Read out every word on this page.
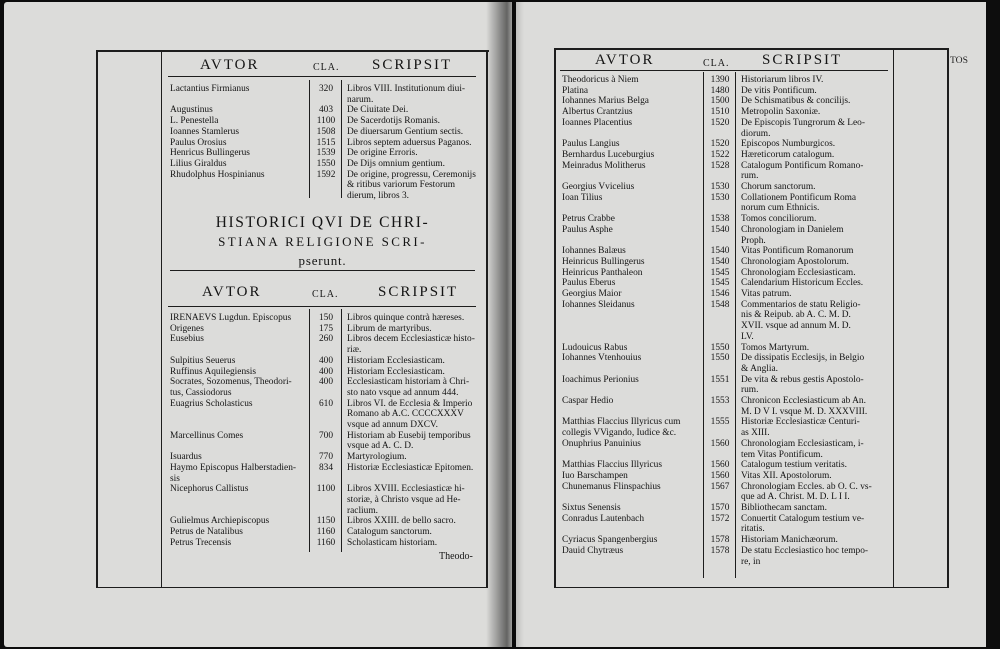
AVTOR	CLA. SCRIPSIT
Lactantius Firmianus	320	Libros VIII. Institutionum diui-
narum.
Augustinus	403	De Ciuitate Dei.
L. Penestella	1100	De Sacerdotijs Romanis.
Ioannes Stamlerus	1508	De diuersarum Gentium sectis.
Paulus Orosius	1515	Libros septem aduersus Paganos.
Henricus Bullingerus	1539	De origine Erroris.
Lilius Giraldus	1550	De Dijs omnium gentium.
Rhudolphus Hospinianus	1592	De origine, progressu, Ceremonijs
& ritibus variorum Festorum
dierum, libros 3.
HISTORICI QVI DE CHRI-
STIANA RELIGIONE SCRI-
pserunt.
AVTOR	CLA.	SCRIPSIT
IRENAEVS Lugdun. Episcopus	150	Libros quinque contrà hæreses.
Origenes	175	Librum de martyribus.
Eusebius	260	Libros decem Ecclesiasticæ histo-
riæ.
Sulpitius Seuerus	400	Historiam Ecclesiasticam.
Ruffinus Aquilegiensis	400	Historiam Ecclesiasticam.
Socrates, Sozomenus, Theodori-	400	Ecclesiasticam historiam à Chri-
tus, Cassiodorus	sto nato vsque ad annum 444.
Euagrius Scholasticus	610	Libros VI. de Ecclesia & Imperio
Romano ab A.C. CCCCXXXV
vsque ad annum DXCV.
Marcellinus Comes	700	Historiam ab Eusebij temporibus
vsque ad A. C. D.
Isuardus	770	Martyrologium.
Haymo Episcopus Halberstadien-	834	Historiæ Ecclesiasticæ Epitomen.
sis
Nicephorus Callistus	1100	Libros XVIII. Ecclesiasticæ hi-
storiæ, à Christo vsque ad He-
raclium.
Gulielmus Archiepiscopus	1150	Libros XXIII. de bello sacro.
Petrus de Natalibus	1160	Catalogum sanctorum.
Petrus Trecensis	1160	Scholasticam historiam.
Theodo-
AVTOR	CLA. SCRIPSIT
Theodoricus à Niem	1390	Historiarum libros IV.
Platina	1480	De vitis Pontificum.
Iohannes Marius Belga	1500	De Schismatibus & concilijs.
Albertus Crantzius	1510	Metropolin Saxoniæ.
Ioannes Placentius	1520	De Episcopis Tungrorum & Leo-
diorum.
Paulus Langius	1520	Episcopos Numburgicos.
Bernhardus Luceburgius	1522	Hæreticorum catalogum.
Meinradus Molitherus	1528	Catalogum Pontificum Romano-
rum.
Georgius Vvicelius	1530	Chorum sanctorum.
Ioan Tilius	1530	Collationem Pontificum Roma
norum cum Ethnicis.
Petrus Crabbe	1538	Tomos conciliorum.
Paulus Asphe	1540	Chronologiam in Danielem
Proph.
Iohannes Balæus	1540	Vitas Pontificum Romanorum
Heinricus Bullingerus	1540	Chronologiam Apostolorum.
Heinricus Panthaleon	1545	Chronologiam Ecclesiasticam.
Paulus Eberus	1545	Calendarium Historicum Eccles.
Georgius Maior	1546	Vitas patrum.
Iohannes Sleidanus	1548	Commentarios de statu Religio-
nis & Reipub. ab A. C. M. D.
XVII. vsque ad annum M. D.
LV.
Ludouicus Rabus	1550	Tomos Martyrum.
Iohannes Vtenhouius	1550	De dissipatis Ecclesijs, in Belgio
& Anglia.
Ioachimus Perionius	1551	De vita & rebus gestis Apostolo-
rum.
Caspar Hedio	1553	Chronicon Ecclesiasticum ab An.
M. D V I. vsque M. D. XXXVIII.
Matthias Flaccius Illyricus cum	1555	Historiæ Ecclesiasticæ Centuri-
collegis VVigando, Iudice &c.	as XIII.
Onuphrius Panuinius	1560	Chronologiam Ecclesiasticam, i-
tem Vitas Pontificum.
Matthias Flaccius Illyricus	1560	Catalogum testium veritatis.
Iuo Barschampen	1560	Vitas XII. Apostolorum.
Chunemanus Flinspachius	1567	Chronologiam Eccles. ab O. C. vs-
que ad A. Christ. M. D. L I I.
Sixtus Senensis	1570	Bibliothecam sanctam.
Conradus Lautenbach	1572	Conuertit Catalogum testium ve-
ritatis.
Cyriacus Spangenbergius	1578	Historiam Manichæorum.
Dauid Chytræus	1578	De statu Ecclesiastico hoc tempo-
re, in
TOS
